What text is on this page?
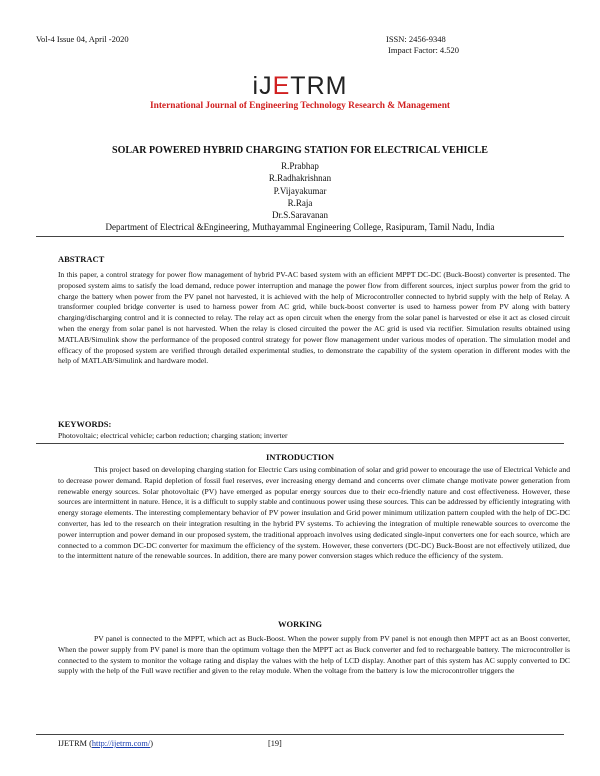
Vol-4 Issue 04, April -2020	ISSN: 2456-9348
Impact Factor: 4.520
iJETRM
International Journal of Engineering Technology Research & Management
SOLAR POWERED HYBRID CHARGING STATION FOR ELECTRICAL VEHICLE
R.Prabhap
R.Radhakrishnan
P.Vijayakumar
R.Raja
Dr.S.Saravanan
Department of Electrical &Engineering, Muthayammal Engineering College, Rasipuram, Tamil Nadu, India
ABSTRACT

In this paper, a control strategy for power flow management of hybrid PV-AC based system with an efficient MPPT DC-DC (Buck-Boost) converter is presented. The proposed system aims to satisfy the load demand, reduce power interruption and manage the power flow from different sources, inject surplus power from the grid to charge the battery when power from the PV panel not harvested, it is achieved with the help of Microcontroller connected to hybrid supply with the help of Relay. A transformer coupled bridge converter is used to harness power from AC grid, while buck-boost converter is used to harness power from PV along with battery charging/discharging control and it is connected to relay. The relay act as open circuit when the energy from the solar panel is harvested or else it act as closed circuit when the energy from solar panel is not harvested. When the relay is closed circuited the power the AC grid is used via rectifier. Simulation results obtained using MATLAB/Simulink show the performance of the proposed control strategy for power flow management under various modes of operation. The simulation model and efficacy of the proposed system are verified through detailed experimental studies, to demonstrate the capability of the system operation in different modes with the help of MATLAB/Simulink and hardware model.

KEYWORDS:

Photovoltaic; electrical vehicle; carbon reduction; charging station; inverter

INTRODUCTION

This project based on developing charging station for Electric Cars using combination of solar and grid power to encourage the use of Electrical Vehicle and to decrease power demand. Rapid depletion of fossil fuel reserves, ever increasing energy demand and concerns over climate change motivate power generation from renewable energy sources. Solar photovoltaic (PV) have emerged as popular energy sources due to their eco-friendly nature and cost effectiveness. However, these sources are intermittent in nature. Hence, it is a difficult to supply stable and continuous power using these sources. This can be addressed by efficiently integrating with energy storage elements. The interesting complementary behavior of PV power insulation and Grid power minimum utilization pattern coupled with the help of DC-DC converter, has led to the research on their integration resulting in the hybrid PV systems. To achieving the integration of multiple renewable sources to overcome the power interruption and power demand in our proposed system, the traditional approach involves using dedicated single-input converters one for each source, which are connected to a common DC-DC converter for maximum the efficiency of the system. However, these converters (DC-DC) Buck-Boost are not effectively utilized, due to the intermittent nature of the renewable sources. In addition, there are many power conversion stages which reduce the efficiency of the system.

WORKING

PV panel is connected to the MPPT, which act as Buck-Boost. When the power supply from PV panel is not enough then MPPT act as an Boost converter, When the power supply from PV panel is more than the optimum voltage then the MPPT act as Buck converter and fed to rechargeable battery. The microcontroller is connected to the system to monitor the voltage rating and display the values with the help of LCD display. Another part of this system has AC supply converted to DC supply with the help of the Full wave rectifier and given to the relay module. When the voltage from the battery is low the microcontroller triggers the

IJETRM (http://ijetrm.com/)	[19]
